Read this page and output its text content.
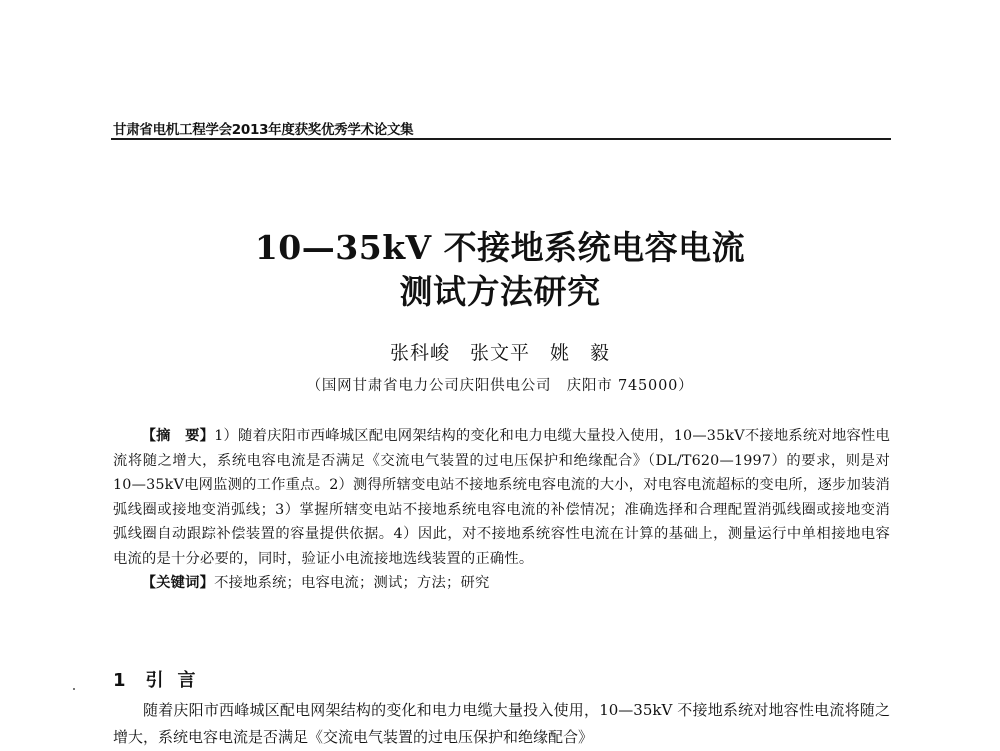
甘肃省电机工程学会2013年度获奖优秀学术论文集
10—35kV 不接地系统电容电流
测试方法研究
张科峻　张文平　姚　毅
（国网甘肃省电力公司庆阳供电公司　庆阳市 745000）

【摘　要】1）随着庆阳市西峰城区配电网架结构的变化和电力电缆大量投入使用，10—35kV不接地系统对地容性电流将随之增大，系统电容电流是否满足《交流电气装置的过电压保护和绝缘配合》（DL/T620—1997）的要求，则是对10—35kV电网监测的工作重点。2）测得所辖变电站不接地系统电容电流的大小，对电容电流超标的变电所，逐步加装消弧线圈或接地变消弧线；3）掌握所辖变电站不接地系统电容电流的补偿情况；准确选择和合理配置消弧线圈或接地变消弧线圈自动跟踪补偿装置的容量提供依据。4）因此，对不接地系统容性电流在计算的基础上，测量运行中单相接地电容电流的是十分必要的，同时，验证小电流接地选线装置的正确性。

【关键词】不接地系统；电容电流；测试；方法；研究

1 引言

随着庆阳市西峰城区配电网架结构的变化和电力电缆大量投入使用，10—35kV 不接地系统对地容性电流将随之增大，系统电容电流是否满足《交流电气装置的过电压保护和绝缘配合》
